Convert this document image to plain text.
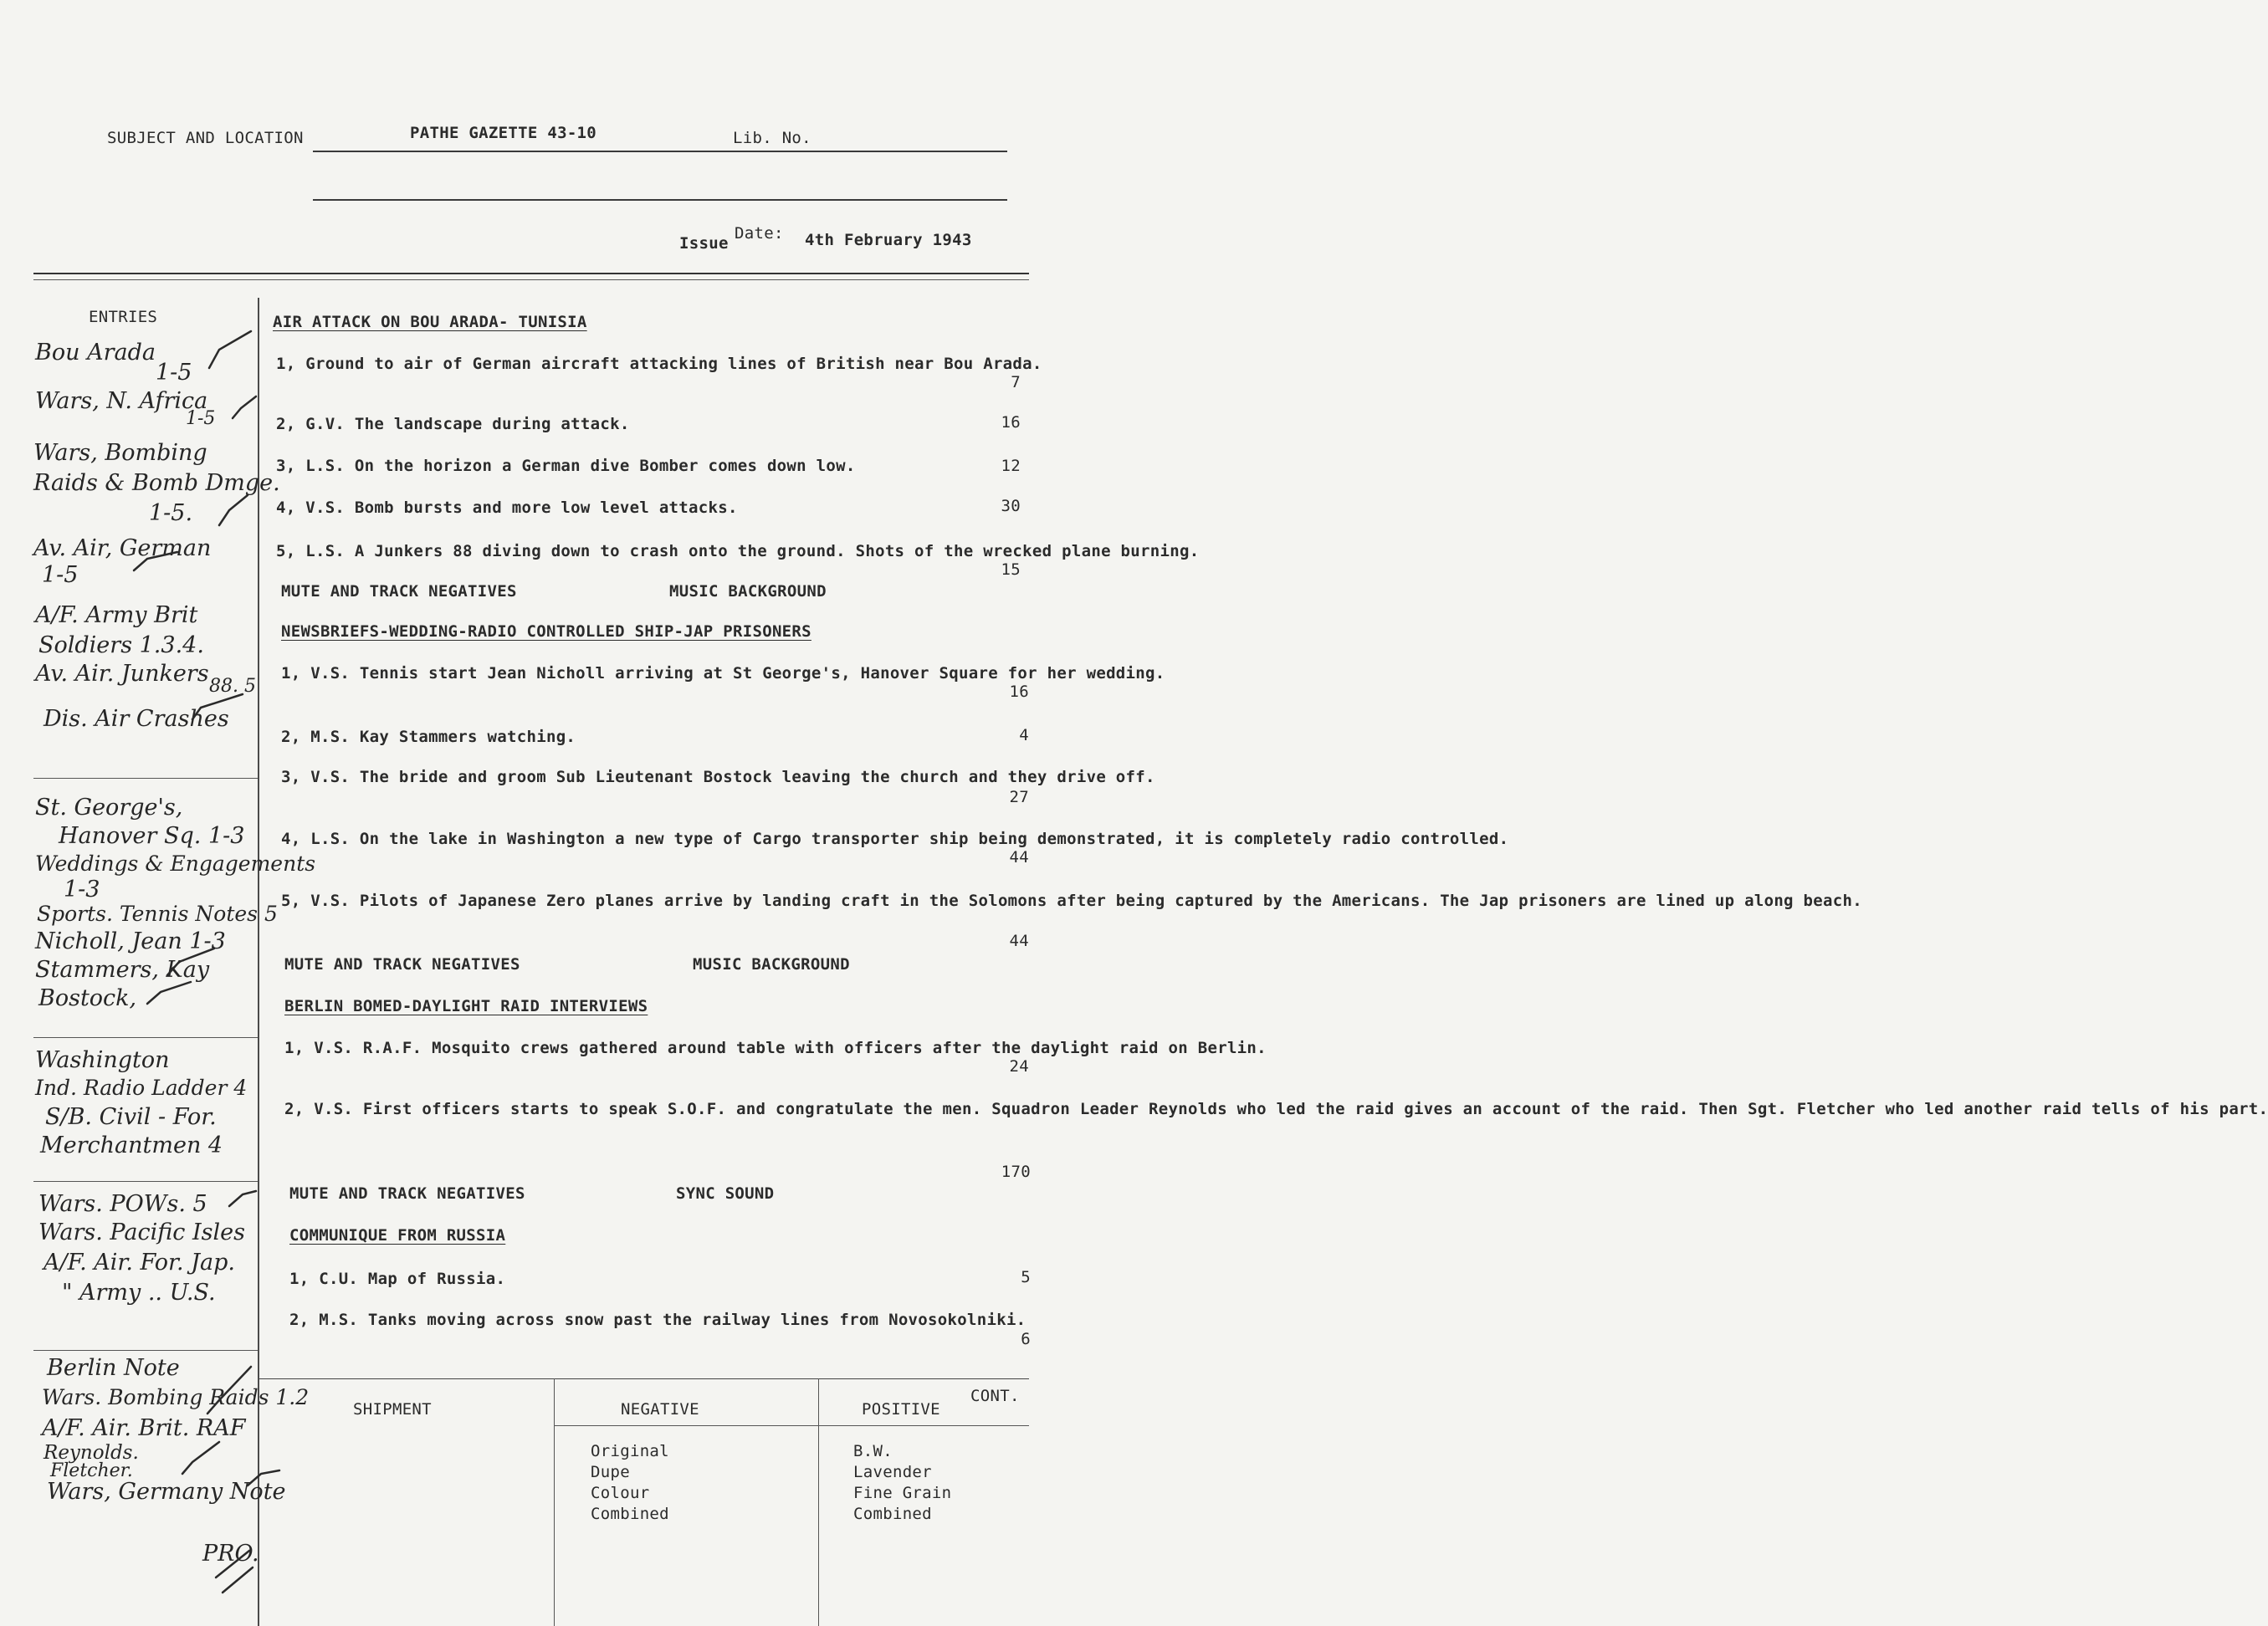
SUBJECT AND LOCATION	PATHE GAZETTE 43-10	Lib. No.
Issue
Date: 4th February 1943
ENTRIES	AIR ATTACK ON BOU ARADA- TUNISIA
1, Ground to air of German aircraft attacking lines of British near Bou Arada.
7
2, G.V. The landscape during attack.	16
3, L.S. On the horizon a German dive Bomber comes down low.	12
4, V.S. Bomb bursts and more low level attacks.	30
5, L.S. A Junkers 88 diving down to crash onto the ground. Shots of the wrecked plane burning.
15
MUTE AND TRACK NEGATIVES	MUSIC BACKGROUND
NEWSBRIEFS-WEDDING-RADIO CONTROLLED SHIP-JAP PRISONERS
1, V.S. Tennis start Jean Nicholl arriving at St George's, Hanover Square for her wedding.
16
2, M.S. Kay Stammers watching.	4
3, V.S. The bride and groom Sub Lieutenant Bostock leaving the church and they drive off.
27
4, L.S. On the lake in Washington a new type of Cargo transporter ship being demonstrated, it is completely radio controlled.
44
5, V.S. Pilots of Japanese Zero planes arrive by landing craft in the Solomons after being captured by the Americans. The Jap prisoners are lined up along beach.
44
MUTE AND TRACK NEGATIVES	MUSIC BACKGROUND
BERLIN BOMED-DAYLIGHT RAID INTERVIEWS
1, V.S. R.A.F. Mosquito crews gathered around table with officers after the daylight raid on Berlin.
24
2, V.S. First officers starts to speak S.O.F. and congratulate the men. Squadron Leader Reynolds who led the raid gives an account of the raid. Then Sgt. Fletcher who led another raid tells of his part.
170
MUTE AND TRACK NEGATIVES	SYNC SOUND
COMMUNIQUE FROM RUSSIA
1, C.U. Map of Russia.	5
2, M.S. Tanks moving across snow past the railway lines from Novosokolniki.
6
CONT.
SHIPMENT	NEGATIVE	POSITIVE
Original
Dupe
Colour
Combined
B.W.
Lavender
Fine Grain
Combined
Bou Arada
1-5
Wars, N. Africa
1-5
Wars, Bombing
Raids & Bomb Dmge.
1-5.
Av. Air, German
1-5
A/F. Army Brit
Soldiers 1.3.4.
Av. Air. Junkers 88. 5
Dis. Air Crashes
St. George's,
Hanover Sq. 1-3
Weddings & Engagements
1-3
Sports. Tennis Notes 5
Nicholl, Jean 1-3
Stammers, Kay
Bostock,
Washington
Ind. Radio Ladder 4
S/B. Civil - For.
Merchantmen 4
Wars. POWs. 5
Wars. Pacific Isles
A/F. Air. For. Jap.
" Army .. U.S.
Berlin Note
Wars. Bombing Raids 1.2
A/F. Air. Brit. RAF
Reynolds.
Fletcher.
Wars, Germany Note
PRO.
